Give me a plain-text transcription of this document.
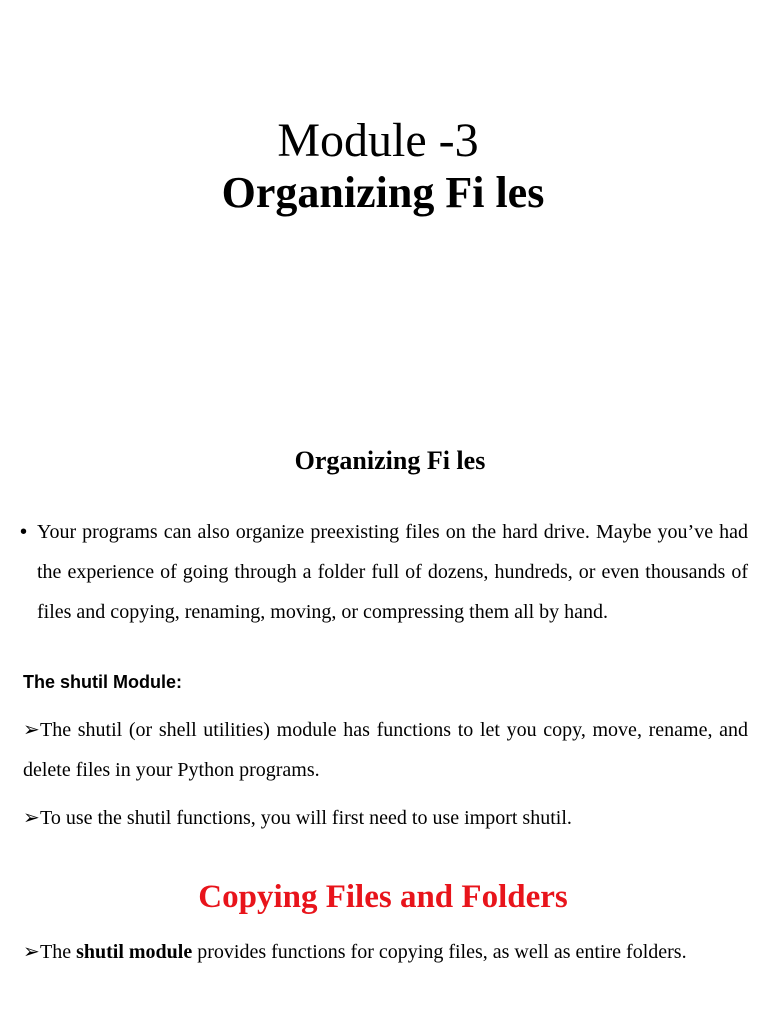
Module -3
Organizing Fi les
Organizing Fi les
• Your programs can also organize preexisting files on the hard drive. Maybe you’ve had the experience of going through a folder full of dozens, hundreds, or even thousands of files and copying, renaming, moving, or compressing them all by hand.
The shutil Module:
➢ The shutil (or shell utilities) module has functions to let you copy, move, rename, and delete files in your Python programs.
➢ To use the shutil functions, you will first need to use import shutil.
Copying Files and Folders
➢ The shutil module provides functions for copying files, as well as entire folders.
